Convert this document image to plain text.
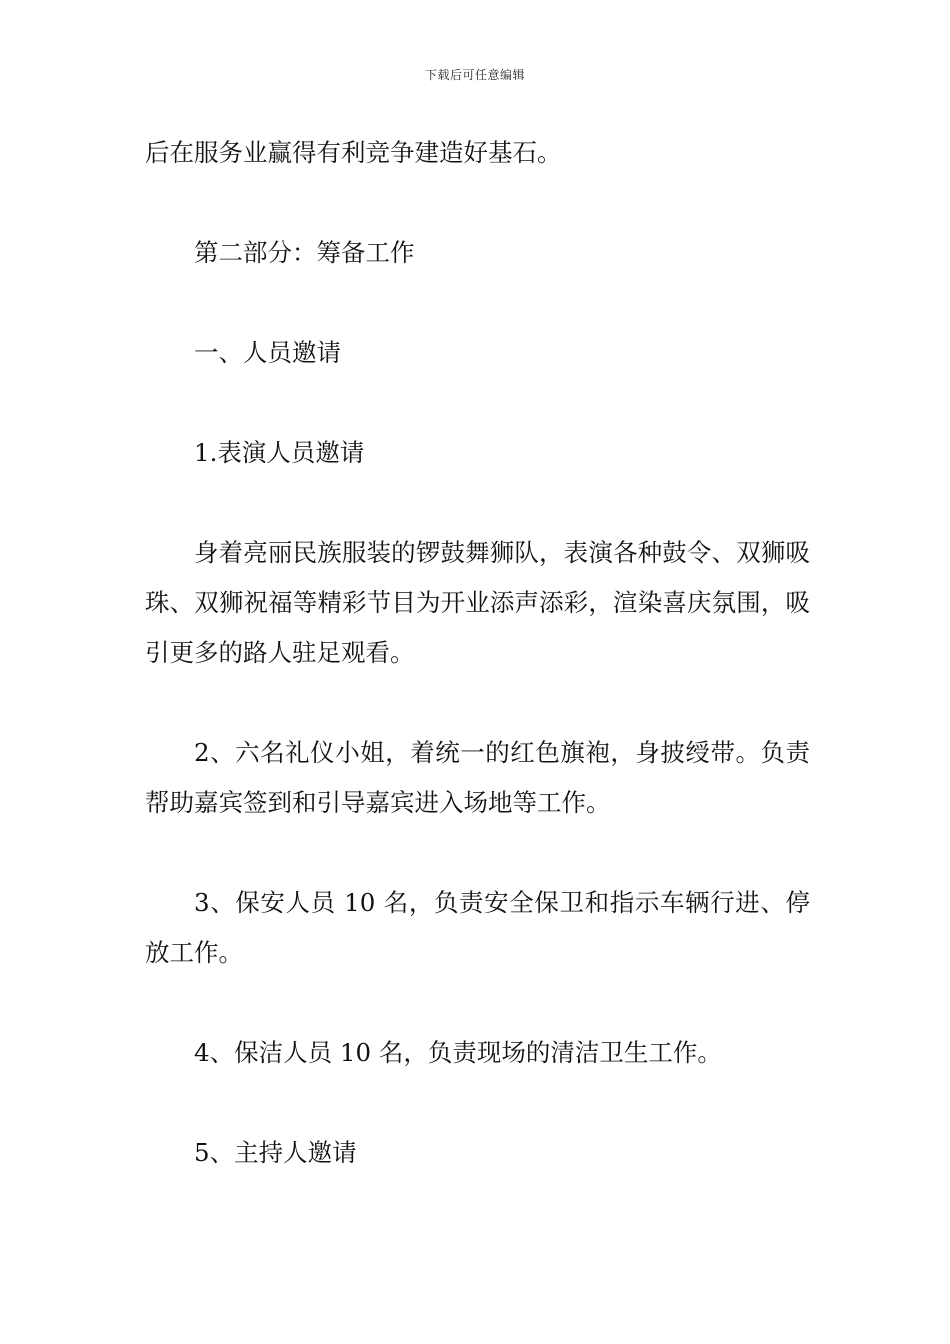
下载后可任意编辑

后在服务业赢得有利竞争建造好基石。

第二部分：筹备工作

一、人员邀请

1.表演人员邀请

身着亮丽民族服装的锣鼓舞狮队，表演各种鼓令、双狮吸珠、双狮祝福等精彩节目为开业添声添彩，渲染喜庆氛围，吸引更多的路人驻足观看。

2、六名礼仪小姐，着统一的红色旗袍，身披绶带。负责帮助嘉宾签到和引导嘉宾进入场地等工作。

3、保安人员 10 名，负责安全保卫和指示车辆行进、停放工作。

4、保洁人员 10 名，负责现场的清洁卫生工作。

5、主持人邀请
